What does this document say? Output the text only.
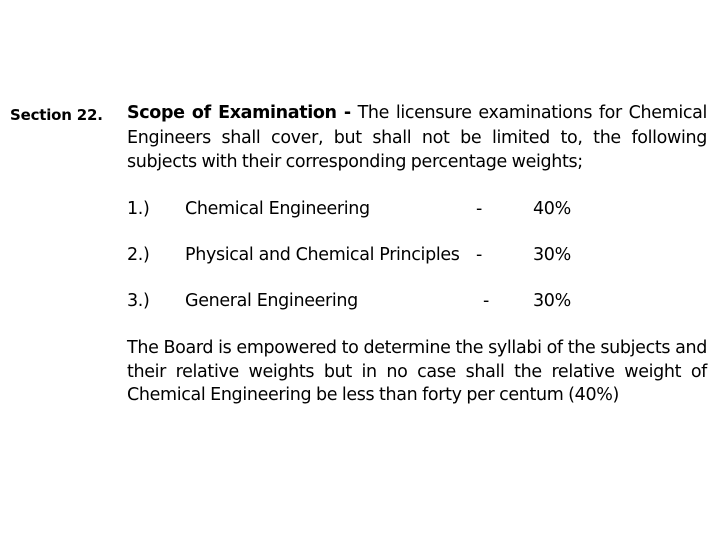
Section 22. Scope of Examination - The licensure examinations for Chemical Engineers shall cover, but shall not be limited to, the following subjects with their corresponding percentage weights;
1.) Chemical Engineering	-	40%
2.) Physical and Chemical Principles -	30%
3.) General Engineering	-	30%
The Board is empowered to determine the syllabi of the subjects and their relative weights but in no case shall the relative weight of Chemical Engineering be less than forty per centum (40%)
